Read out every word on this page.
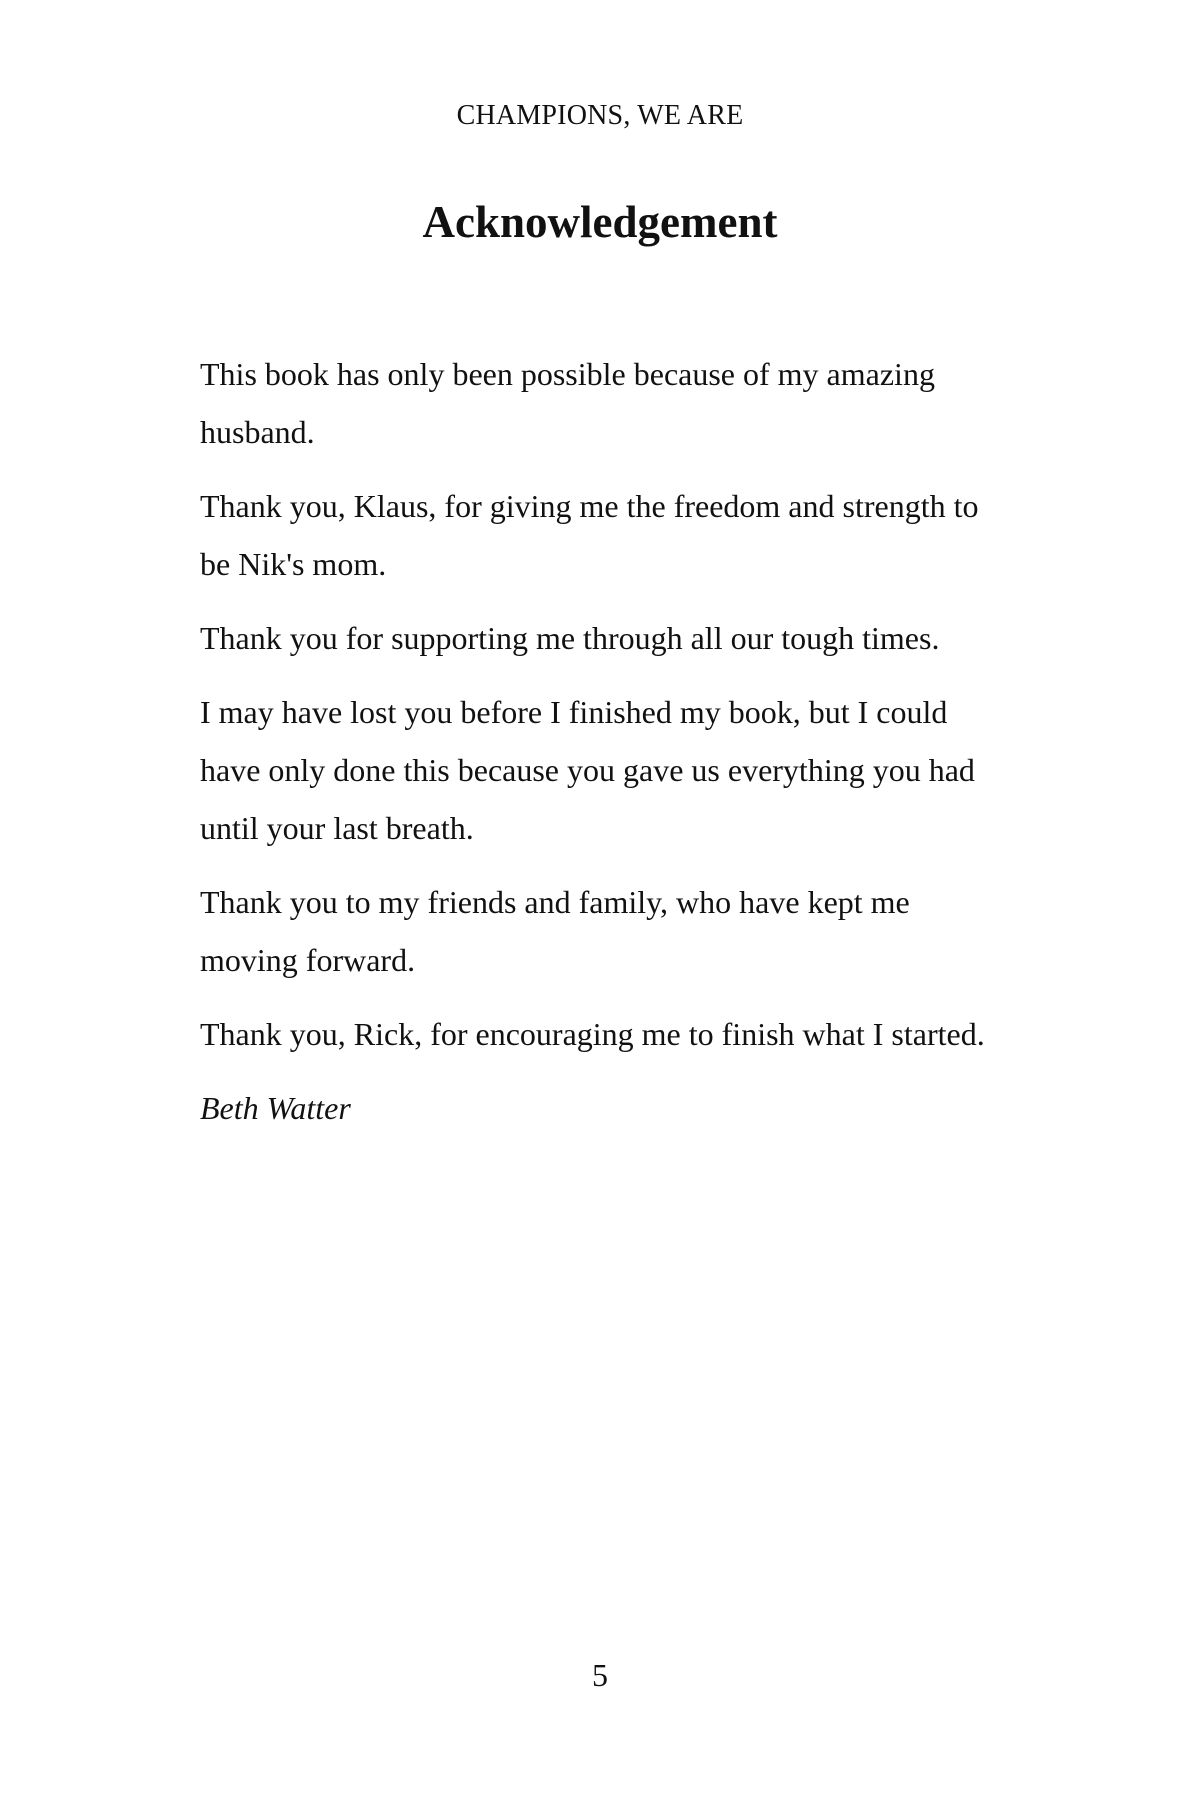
CHAMPIONS, WE ARE
Acknowledgement

This book has only been possible because of my amazing husband.

Thank you, Klaus, for giving me the freedom and strength to be Nik's mom.

Thank you for supporting me through all our tough times.

I may have lost you before I finished my book, but I could have only done this because you gave us everything you had until your last breath.

Thank you to my friends and family, who have kept me moving forward.

Thank you, Rick, for encouraging me to finish what I started.

Beth Watter

5
